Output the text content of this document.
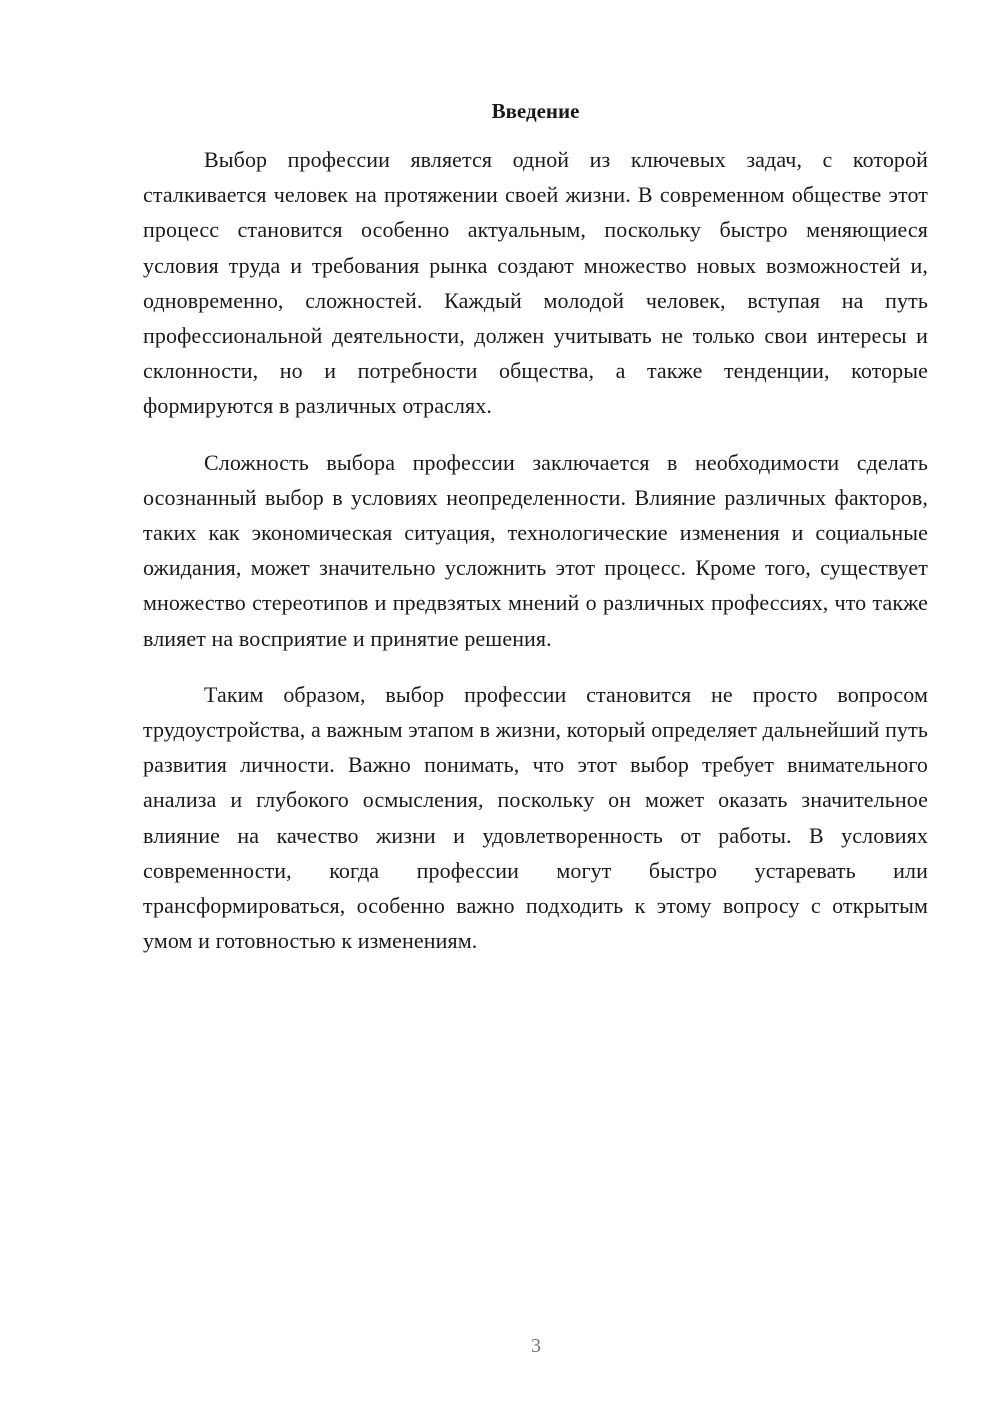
Введение

Выбор профессии является одной из ключевых задач, с которой сталкивается человек на протяжении своей жизни. В современном обществе этот процесс становится особенно актуальным, поскольку быстро меняющиеся условия труда и требования рынка создают множество новых возможностей и, одновременно, сложностей. Каждый молодой человек, вступая на путь профессиональной деятельности, должен учитывать не только свои интересы и склонности, но и потребности общества, а также тенденции, которые формируются в различных отраслях.

Сложность выбора профессии заключается в необходимости сделать осознанный выбор в условиях неопределенности. Влияние различных факторов, таких как экономическая ситуация, технологические изменения и социальные ожидания, может значительно усложнить этот процесс. Кроме того, существует множество стереотипов и предвзятых мнений о различных профессиях, что также влияет на восприятие и принятие решения.

Таким образом, выбор профессии становится не просто вопросом трудоустройства, а важным этапом в жизни, который определяет дальнейший путь развития личности. Важно понимать, что этот выбор требует внимательного анализа и глубокого осмысления, поскольку он может оказать значительное влияние на качество жизни и удовлетворенность от работы. В условиях современности, когда профессии могут быстро устаревать или трансформироваться, особенно важно подходить к этому вопросу с открытым умом и готовностью к изменениям.

3
